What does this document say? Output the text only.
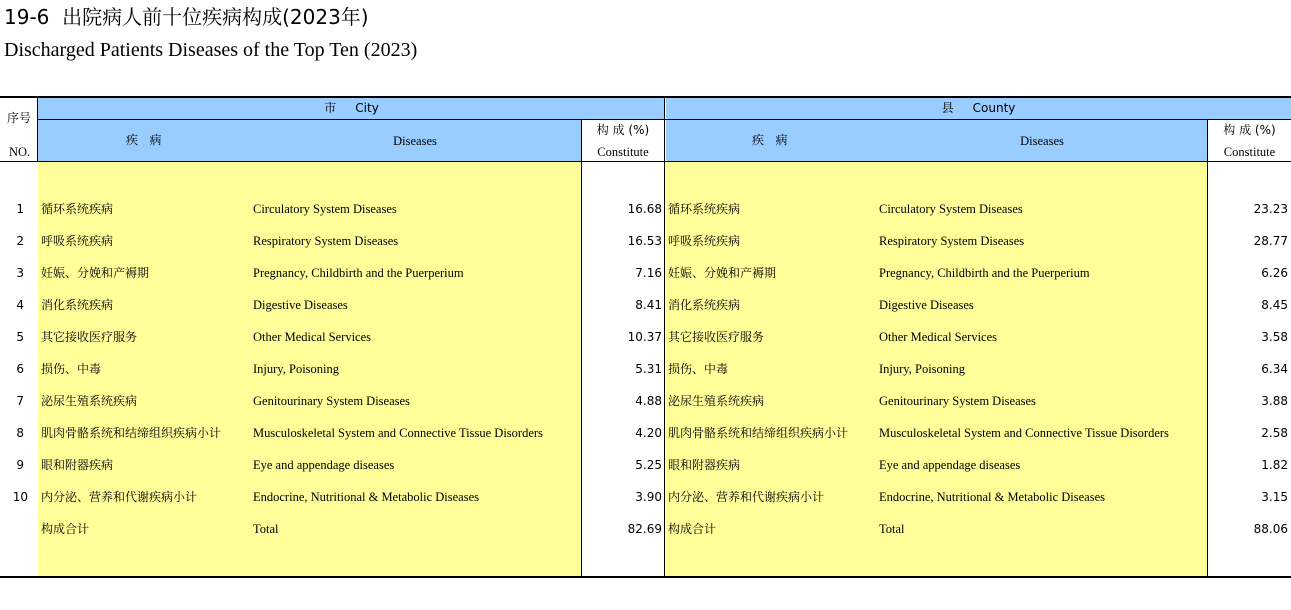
19-6  出院病人前十位疾病构成(2023年)
Discharged Patients Diseases of the Top Ten (2023)
序号
NO.
市     City	县     County
疾   病	Diseases
构 成 (%)
Constitute
疾   病	Diseases
构 成 (%)
Constitute
1 循环系统疾病	Circulatory System Diseases	16.68 循环系统疾病	Circulatory System Diseases	23.23
2 呼吸系统疾病	Respiratory System Diseases	16.53 呼吸系统疾病	Respiratory System Diseases	28.77
3 妊娠、分娩和产褥期	Pregnancy, Childbirth and the Puerperium	7.16 妊娠、分娩和产褥期	Pregnancy, Childbirth and the Puerperium	6.26
4 消化系统疾病	Digestive Diseases	8.41 消化系统疾病	Digestive Diseases	8.45
5 其它接收医疗服务	Other Medical Services	10.37 其它接收医疗服务	Other Medical Services	3.58
6 损伤、中毒	Injury, Poisoning	5.31 损伤、中毒	Injury, Poisoning	6.34
7 泌尿生殖系统疾病	Genitourinary System Diseases	4.88 泌尿生殖系统疾病	Genitourinary System Diseases	3.88
8 肌肉骨骼系统和结缔组织疾病小计	Musculoskeletal System and Connective Tissue Disorders	4.20 肌肉骨骼系统和结缔组织疾病小计 Musculoskeletal System and Connective Tissue Disorders	2.58
9 眼和附器疾病	Eye and appendage diseases	5.25 眼和附器疾病	Eye and appendage diseases	1.82
10 内分泌、营养和代谢疾病小计	Endocrine, Nutritional & Metabolic Diseases	3.90 内分泌、营养和代谢疾病小计	Endocrine, Nutritional & Metabolic Diseases	3.15
构成合计	Total	82.69 构成合计	Total	88.06
